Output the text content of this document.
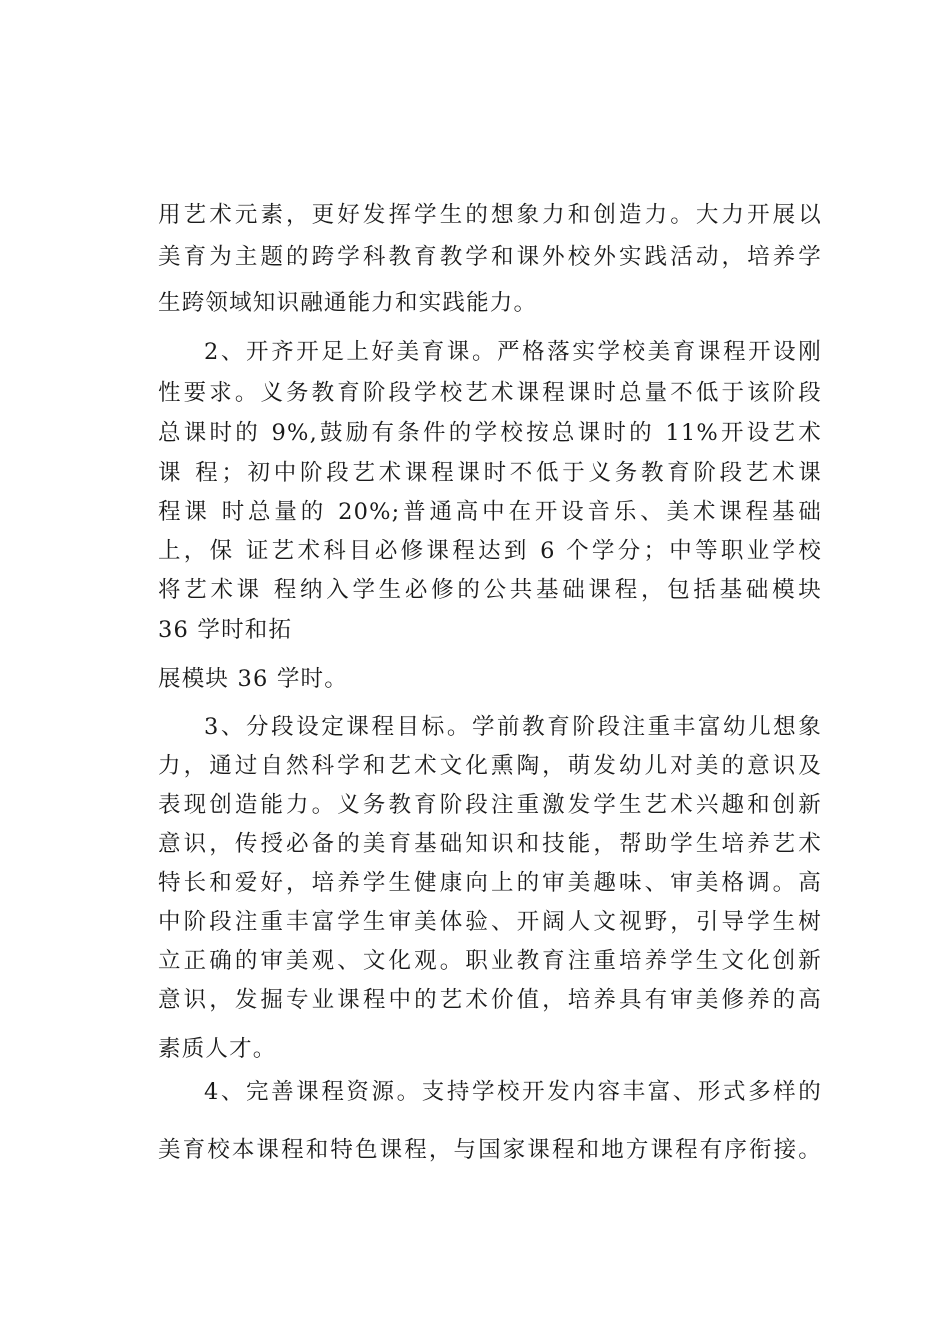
用艺术元素，更好发挥学生的想象力和创造力。大力开展以
美育为主题的跨学科教育教学和课外校外实践活动，培养学
生跨领域知识融通能力和实践能力。
2、开齐开足上好美育课。严格落实学校美育课程开设刚
性要求。义务教育阶段学校艺术课程课时总量不低于该阶段
总课时的 9%,鼓励有条件的学校按总课时的 11%开设艺术
课 程；初中阶段艺术课程课时不低于义务教育阶段艺术课
程课 时总量的 20%;普通高中在开设音乐、美术课程基础
上，保 证艺术科目必修课程达到 6 个学分；中等职业学校
将艺术课 程纳入学生必修的公共基础课程，包括基础模块
36 学时和拓
展模块 36 学时。
3、分段设定课程目标。学前教育阶段注重丰富幼儿想象
力，通过自然科学和艺术文化熏陶，萌发幼儿对美的意识及
表现创造能力。义务教育阶段注重激发学生艺术兴趣和创新
意识，传授必备的美育基础知识和技能，帮助学生培养艺术
特长和爱好，培养学生健康向上的审美趣味、审美格调。高
中阶段注重丰富学生审美体验、开阔人文视野，引导学生树
立正确的审美观、文化观。职业教育注重培养学生文化创新
意识，发掘专业课程中的艺术价值，培养具有审美修养的高
素质人才。
4、完善课程资源。支持学校开发内容丰富、形式多样的
美育校本课程和特色课程，与国家课程和地方课程有序衔接。
